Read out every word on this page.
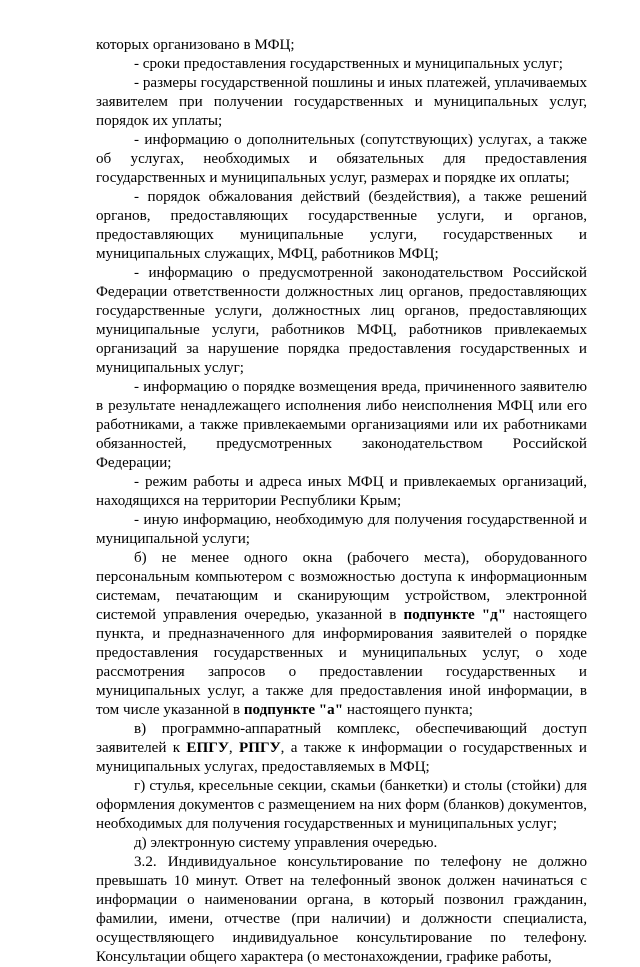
которых организовано в МФЦ;

- сроки предоставления государственных и муниципальных услуг;

- размеры государственной пошлины и иных платежей, уплачиваемых заявителем при получении государственных и муниципальных услуг, порядок их уплаты;

- информацию о дополнительных (сопутствующих) услугах, а также об услугах, необходимых и обязательных для предоставления государственных и муниципальных услуг, размерах и порядке их оплаты;

- порядок обжалования действий (бездействия), а также решений органов, предоставляющих государственные услуги, и органов, предоставляющих муниципальные услуги, государственных и муниципальных служащих, МФЦ, работников МФЦ;

- информацию о предусмотренной законодательством Российской Федерации ответственности должностных лиц органов, предоставляющих государственные услуги, должностных лиц органов, предоставляющих муниципальные услуги, работников МФЦ, работников привлекаемых организаций за нарушение порядка предоставления государственных и муниципальных услуг;

- информацию о порядке возмещения вреда, причиненного заявителю в результате ненадлежащего исполнения либо неисполнения МФЦ или его работниками, а также привлекаемыми организациями или их работниками обязанностей, предусмотренных законодательством Российской Федерации;

- режим работы и адреса иных МФЦ и привлекаемых организаций, находящихся на территории Республики Крым;

- иную информацию, необходимую для получения государственной и муниципальной услуги;

б) не менее одного окна (рабочего места), оборудованного персональным компьютером с возможностью доступа к информационным системам, печатающим и сканирующим устройством, электронной системой управления очередью, указанной в подпункте "д" настоящего пункта, и предназначенного для информирования заявителей о порядке предоставления государственных и муниципальных услуг, о ходе рассмотрения запросов о предоставлении государственных и муниципальных услуг, а также для предоставления иной информации, в том числе указанной в подпункте "а" настоящего пункта;

в) программно-аппаратный комплекс, обеспечивающий доступ заявителей к ЕПГУ, РПГУ, а также к информации о государственных и муниципальных услугах, предоставляемых в МФЦ;

г) стулья, кресельные секции, скамьи (банкетки) и столы (стойки) для оформления документов с размещением на них форм (бланков) документов, необходимых для получения государственных и муниципальных услуг;

д) электронную систему управления очередью.

3.2. Индивидуальное консультирование по телефону не должно превышать 10 минут. Ответ на телефонный звонок должен начинаться с информации о наименовании органа, в который позвонил гражданин, фамилии, имени, отчестве (при наличии) и должности специалиста, осуществляющего индивидуальное консультирование по телефону. Консультации общего характера (о местонахождении, графике работы,
